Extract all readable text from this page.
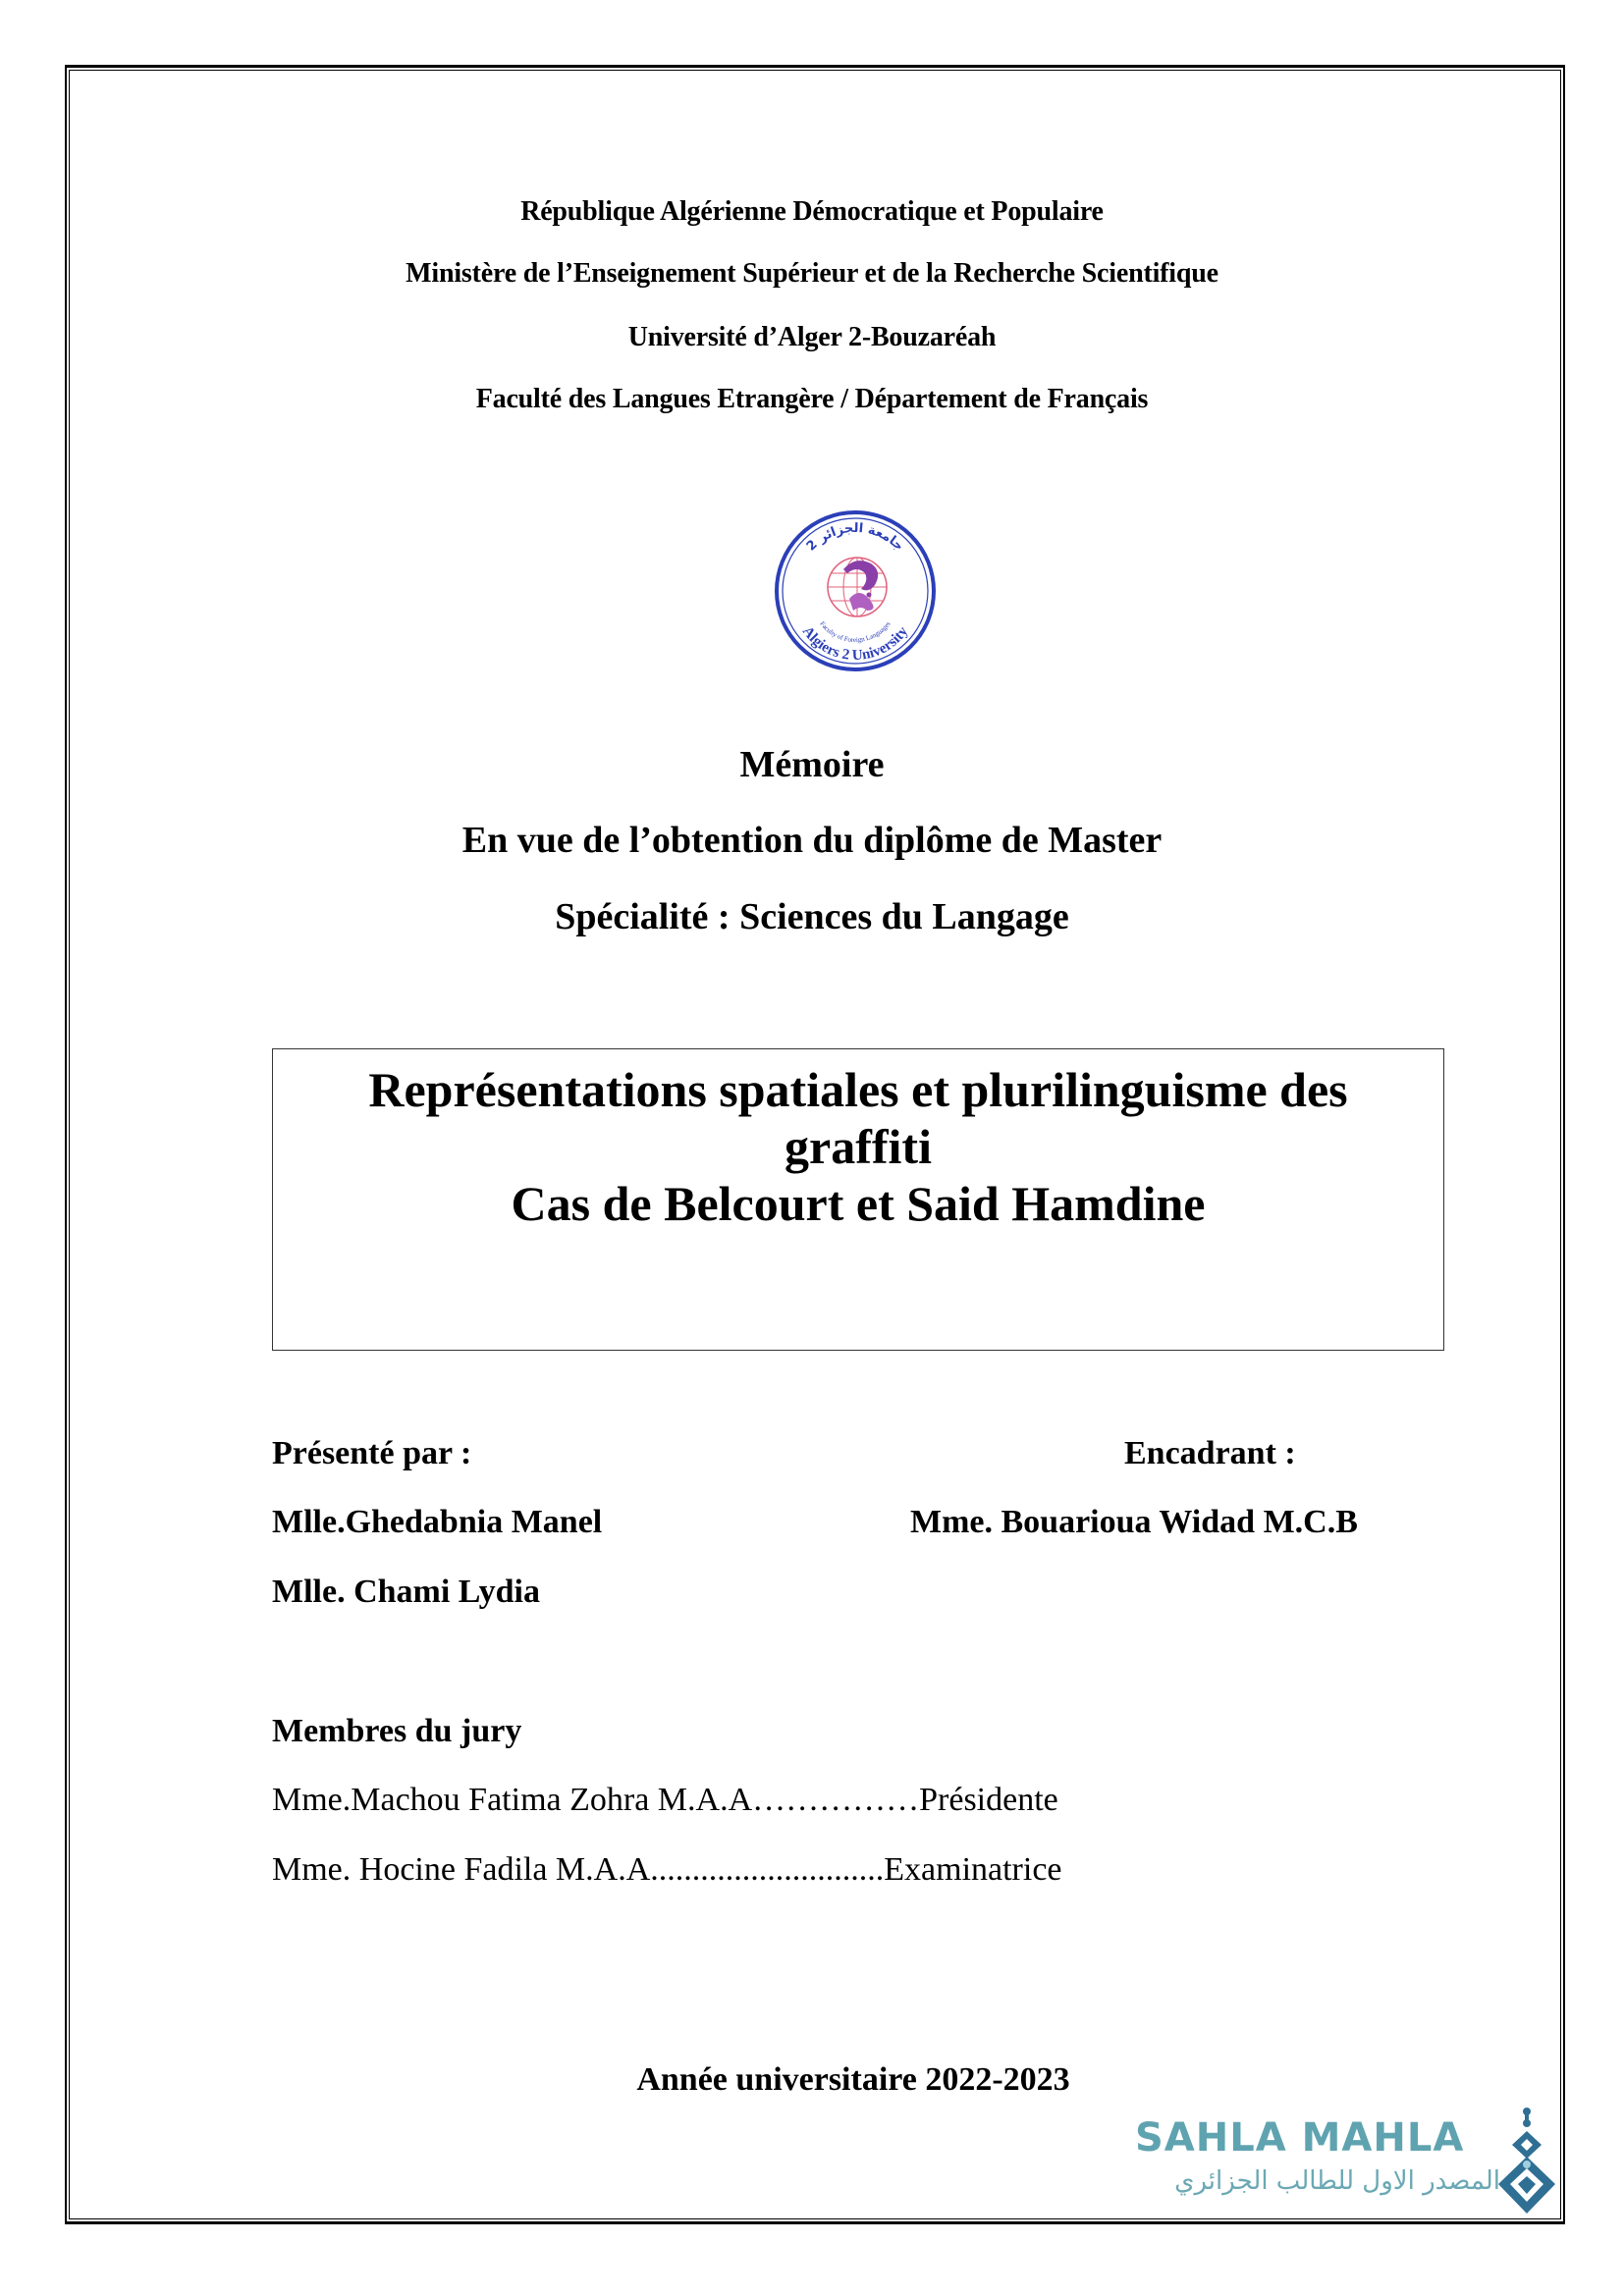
République Algérienne Démocratique et Populaire
Ministère de l’Enseignement Supérieur et de la Recherche Scientifique
Université d’Alger 2-Bouzaréah
Faculté des Langues Etrangère / Département de Français
جامعة الجزائر 2
Algiers 2 University
Faculty of Foreign Languages
Mémoire
En vue de l’obtention du diplôme de Master
Spécialité : Sciences du Langage
Représentations spatiales et plurilinguisme des
graffiti
Cas de Belcourt et Said Hamdine
Présenté par :	Encadrant :
Mlle.Ghedabnia Manel	Mme. Bouarioua Widad M.C.B
Mlle. Chami Lydia
Membres du jury
Mme.Machou Fatima Zohra M.A.A……………Présidente
Mme. Hocine Fadila M.A.A............................Examinatrice
Année universitaire 2022-2023
SAHLA MAHLA
المصدر الاول للطالب الجزائري
